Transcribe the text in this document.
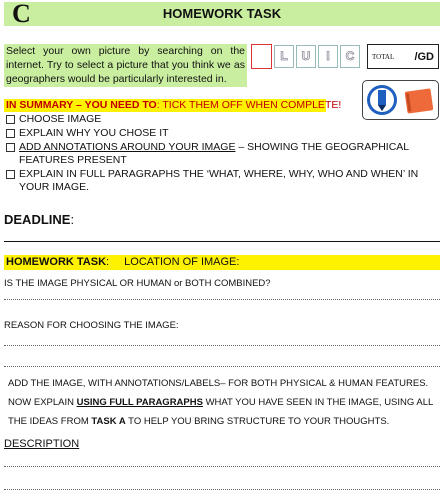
C	HOMEWORK TASK
Select your own picture by searching on the internet. Try to select a picture that you think we as geographers would be particularly interested in.
L	U	I	C	TOTAL /GD
IN SUMMARY – YOU NEED TO: TICK THEM OFF WHEN COMPLETE!
CHOOSE IMAGE
EXPLAIN WHY YOU CHOSE IT
ADD ANNOTATIONS AROUND YOUR IMAGE – SHOWING THE GEOGRAPHICAL FEATURES PRESENT
EXPLAIN IN FULL PARAGRAPHS THE ‘WHAT, WHERE, WHY, WHO AND WHEN’ IN YOUR IMAGE.
DEADLINE:
HOMEWORK TASK: LOCATION OF IMAGE:
IS THE IMAGE PHYSICAL OR HUMAN or BOTH COMBINED?
REASON FOR CHOOSING THE IMAGE:
ADD THE IMAGE, WITH ANNOTATIONS/LABELS– FOR BOTH PHYSICAL & HUMAN FEATURES.
NOW EXPLAIN USING FULL PARAGRAPHS WHAT YOU HAVE SEEN IN THE IMAGE, USING ALL
THE IDEAS FROM TASK A TO HELP YOU BRING STRUCTURE TO YOUR THOUGHTS.
DESCRIPTION
